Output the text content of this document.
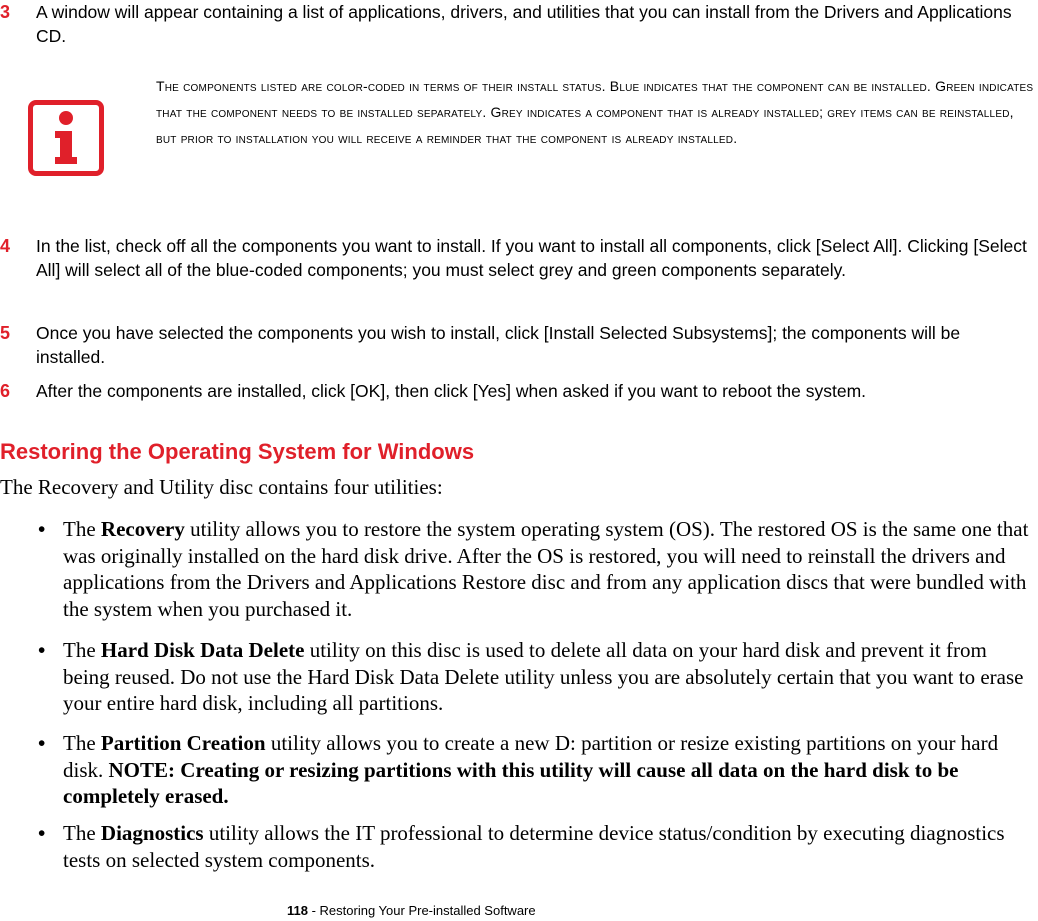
3 A window will appear containing a list of applications, drivers, and utilities that you can install from the Drivers and Applications CD.
The components listed are color-coded in terms of their install status. Blue indicates that the component can be installed. Green indicates that the component needs to be installed separately. Grey indicates a component that is already installed; grey items can be reinstalled, but prior to installation you will receive a reminder that the component is already installed.
4 In the list, check off all the components you want to install. If you want to install all components, click [Select All]. Clicking [Select All] will select all of the blue-coded components; you must select grey and green components separately.
5 Once you have selected the components you wish to install, click [Install Selected Subsystems]; the components will be installed.
6 After the components are installed, click [OK], then click [Yes] when asked if you want to reboot the system.
Restoring the Operating System for Windows
The Recovery and Utility disc contains four utilities:
• The Recovery utility allows you to restore the system operating system (OS). The restored OS is the same one that was originally installed on the hard disk drive. After the OS is restored, you will need to reinstall the drivers and applications from the Drivers and Applications Restore disc and from any application discs that were bundled with the system when you purchased it.
• The Hard Disk Data Delete utility on this disc is used to delete all data on your hard disk and prevent it from being reused. Do not use the Hard Disk Data Delete utility unless you are absolutely certain that you want to erase your entire hard disk, including all partitions.
• The Partition Creation utility allows you to create a new D: partition or resize existing partitions on your hard disk. NOTE: Creating or resizing partitions with this utility will cause all data on the hard disk to be completely erased.
• The Diagnostics utility allows the IT professional to determine device status/condition by executing diagnostics tests on selected system components.
118 - Restoring Your Pre-installed Software
